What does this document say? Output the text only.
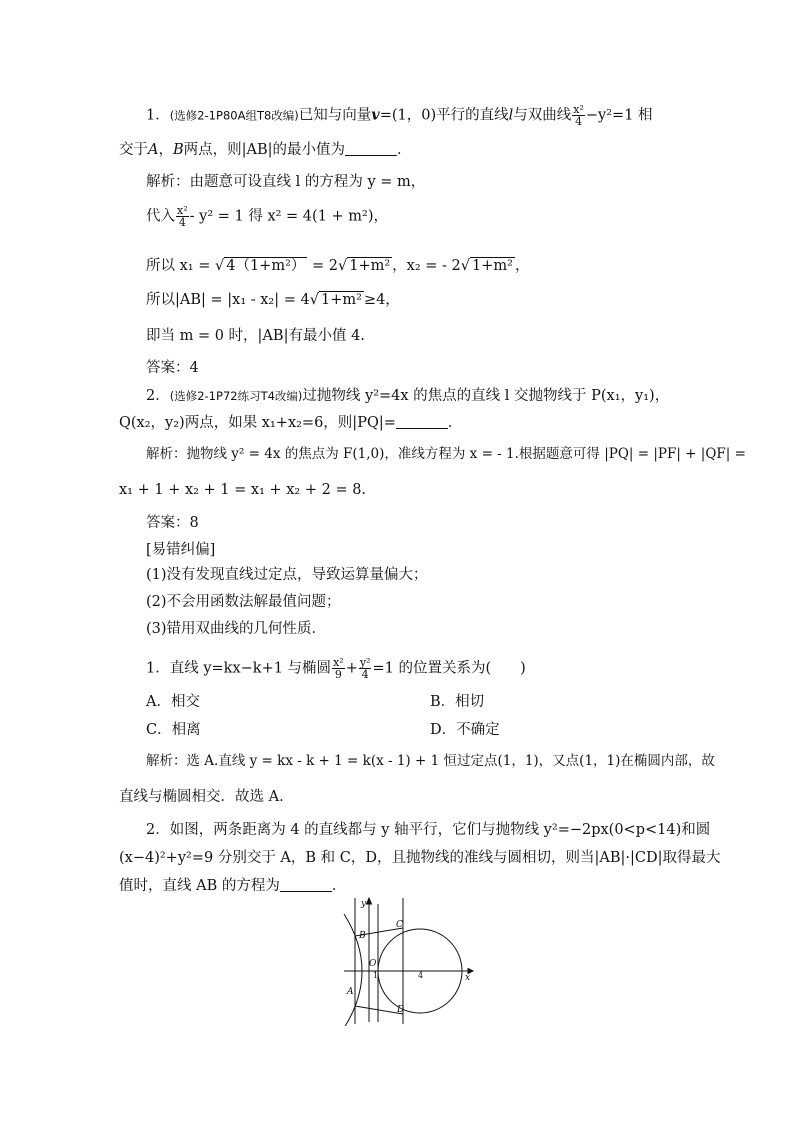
1．(选修2-1P80A组T8改编)已知与向量v=(1，0)平行的直线l与双曲线 $\frac{\text{x²}}{4} -y^2=1$ 相
交于A，B两点，则|AB|的最小值为	．
解析：由题意可设直线 l 的方程为 y = m，
代入 $\frac{\text{x²}}{4} - y^2 = 1$ 得 x² = 4(1 + m²)，
所以 x₁ = √ 4（1+m²） = 2√ 1+m² ，x₂ = - 2√ 1+m² ，
所以|AB| = |x₁ - x₂| = 4√ 1+m² ≥4，
即当 m = 0 时，|AB|有最小值 4.
答案：4
2．(选修2-1P72练习T4改编)过抛物线 y²=4x 的焦点的直线 l 交抛物线于 P(x₁，y₁)，
Q(x₂，y₂)两点，如果 x₁+x₂=6，则|PQ|=	．
解析：抛物线 y² = 4x 的焦点为 F(1,0)，准线方程为 x = - 1.根据题意可得 |PQ| = |PF| + |QF| =
x₁ + 1 + x₂ + 1 = x₁ + x₂ + 2 = 8.
答案：8
[易错纠偏]
(1)没有发现直线过定点，导致运算量偏大；
(2)不会用函数法解最值问题；
(3)错用双曲线的几何性质．
1．直线 y=kx−k+1 与椭圆 $\frac{\text{x²}}{9} + \frac{\text{y²}}{4} =1$ 的位置关系为(　　)
A．相交	B．相切
C．相离	D．不确定
解析：选 A.直线 y = kx - k + 1 = k(x - 1) + 1 恒过定点(1，1)，又点(1，1)在椭圆内部，故
直线与椭圆相交．故选 A.
2．如图，两条距离为 4 的直线都与 y 轴平行，它们与抛物线 y²=−2px(0<p<14)和圆
(x−4)²+y²=9 分别交于 A，B 和 C，D，且抛物线的准线与圆相切，则当|AB|·|CD|取得最大
值时，直线 AB 的方程为	．
y
x
O
A
B
C
D
1	4
